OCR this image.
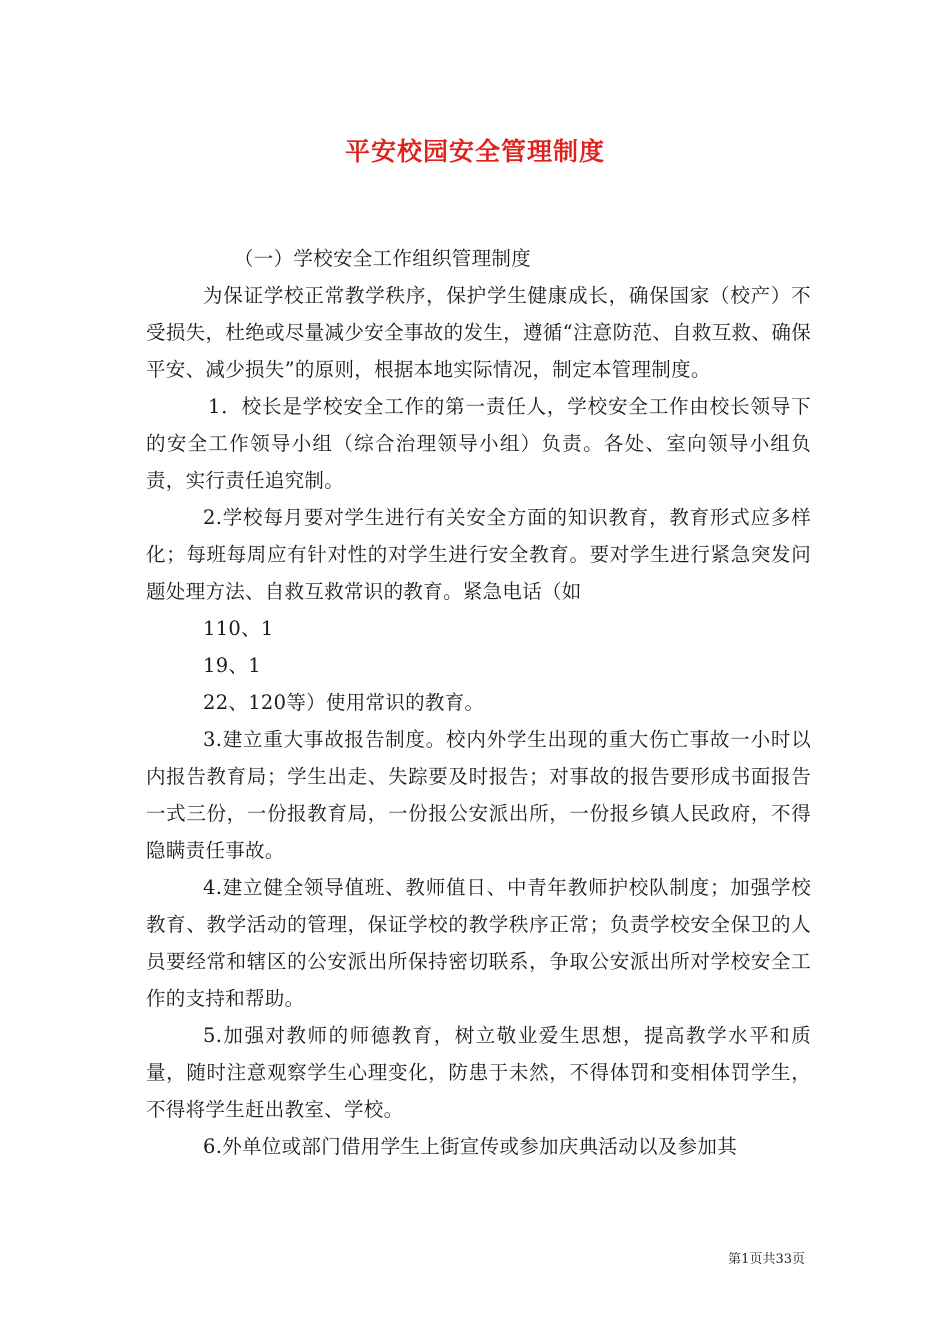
平安校园安全管理制度

（一）学校安全工作组织管理制度

为保证学校正常教学秩序，保护学生健康成长，确保国家（校产）不受损失，杜绝或尽量减少安全事故的发生，遵循“注意防范、自救互救、确保平安、减少损失”的原则，根据本地实际情况，制定本管理制度。

1．校长是学校安全工作的第一责任人，学校安全工作由校长领导下的安全工作领导小组（综合治理领导小组）负责。各处、室向领导小组负责，实行责任追究制。

2.学校每月要对学生进行有关安全方面的知识教育，教育形式应多样化；每班每周应有针对性的对学生进行安全教育。要对学生进行紧急突发问题处理方法、自救互救常识的教育。紧急电话（如

110、1

19、1

22、120等）使用常识的教育。

3.建立重大事故报告制度。校内外学生出现的重大伤亡事故一小时以内报告教育局；学生出走、失踪要及时报告；对事故的报告要形成书面报告一式三份，一份报教育局，一份报公安派出所，一份报乡镇人民政府，不得隐瞒责任事故。

4.建立健全领导值班、教师值日、中青年教师护校队制度；加强学校教育、教学活动的管理，保证学校的教学秩序正常；负责学校安全保卫的人员要经常和辖区的公安派出所保持密切联系，争取公安派出所对学校安全工作的支持和帮助。

5.加强对教师的师德教育，树立敬业爱生思想，提高教学水平和质量，随时注意观察学生心理变化，防患于未然，不得体罚和变相体罚学生，不得将学生赶出教室、学校。

6.外单位或部门借用学生上街宣传或参加庆典活动以及参加其

第1页共33页
